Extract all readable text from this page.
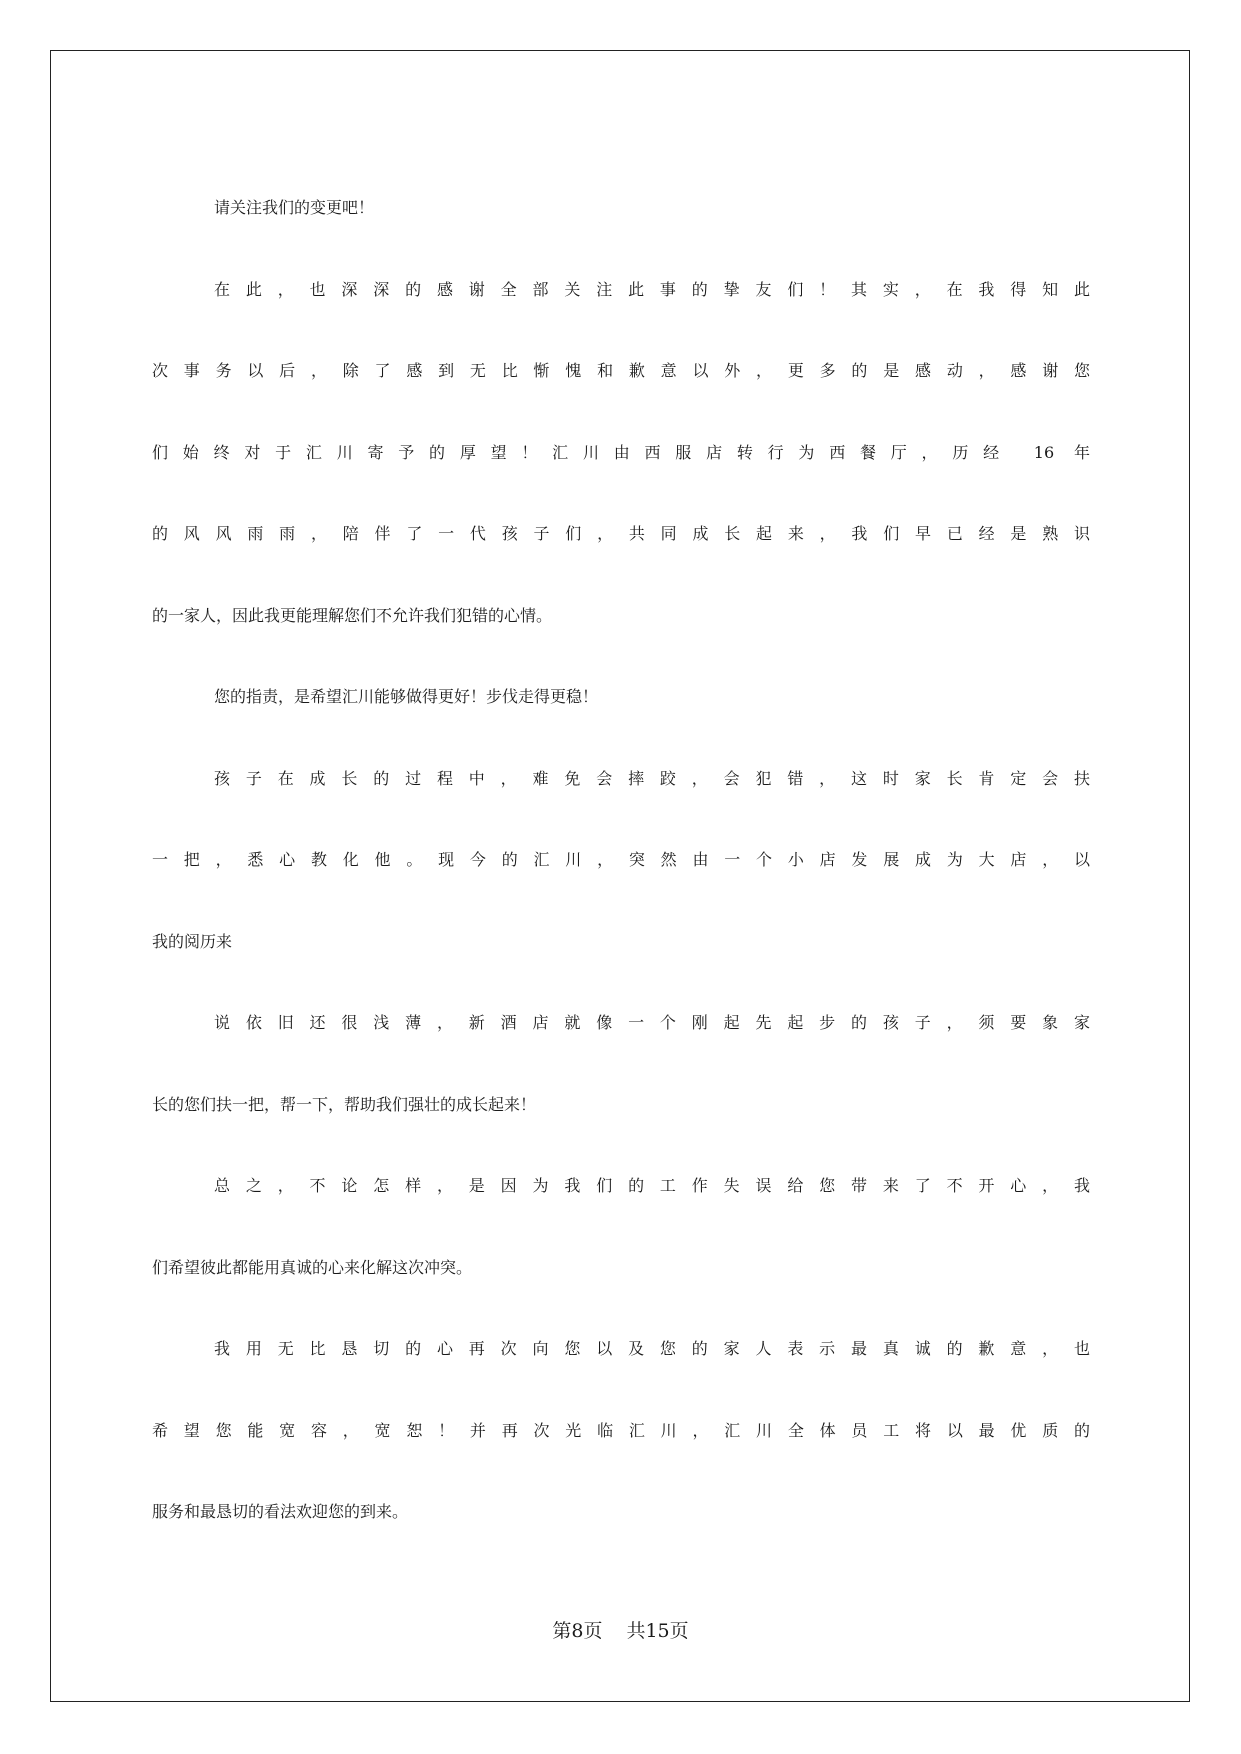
请关注我们的变更吧！
在此，也深深的感谢全部关注此事的挚友们！其实，在我得知此
次事务以后，除了感到无比惭愧和歉意以外，更多的是感动，感谢您
们始终对于汇川寄予的厚望！汇川由西服店转行为西餐厅，历经 16 年
的风风雨雨，陪伴了一代孩子们，共同成长起来，我们早已经是熟识
的一家人，因此我更能理解您们不允许我们犯错的心情。
您的指责，是希望汇川能够做得更好！步伐走得更稳！
孩子在成长的过程中，难免会摔跤，会犯错，这时家长肯定会扶
一把，悉心教化他。现今的汇川，突然由一个小店发展成为大店，以
我的阅历来
说依旧还很浅薄，新酒店就像一个刚起先起步的孩子，须要象家
长的您们扶一把，帮一下，帮助我们强壮的成长起来！
总之，不论怎样，是因为我们的工作失误给您带来了不开心，我
们希望彼此都能用真诚的心来化解这次冲突。
我用无比恳切的心再次向您以及您的家人表示最真诚的歉意，也
希望您能宽容，宽恕！并再次光临汇川，汇川全体员工将以最优质的
服务和最恳切的看法欢迎您的到来。
第8页 共15页
